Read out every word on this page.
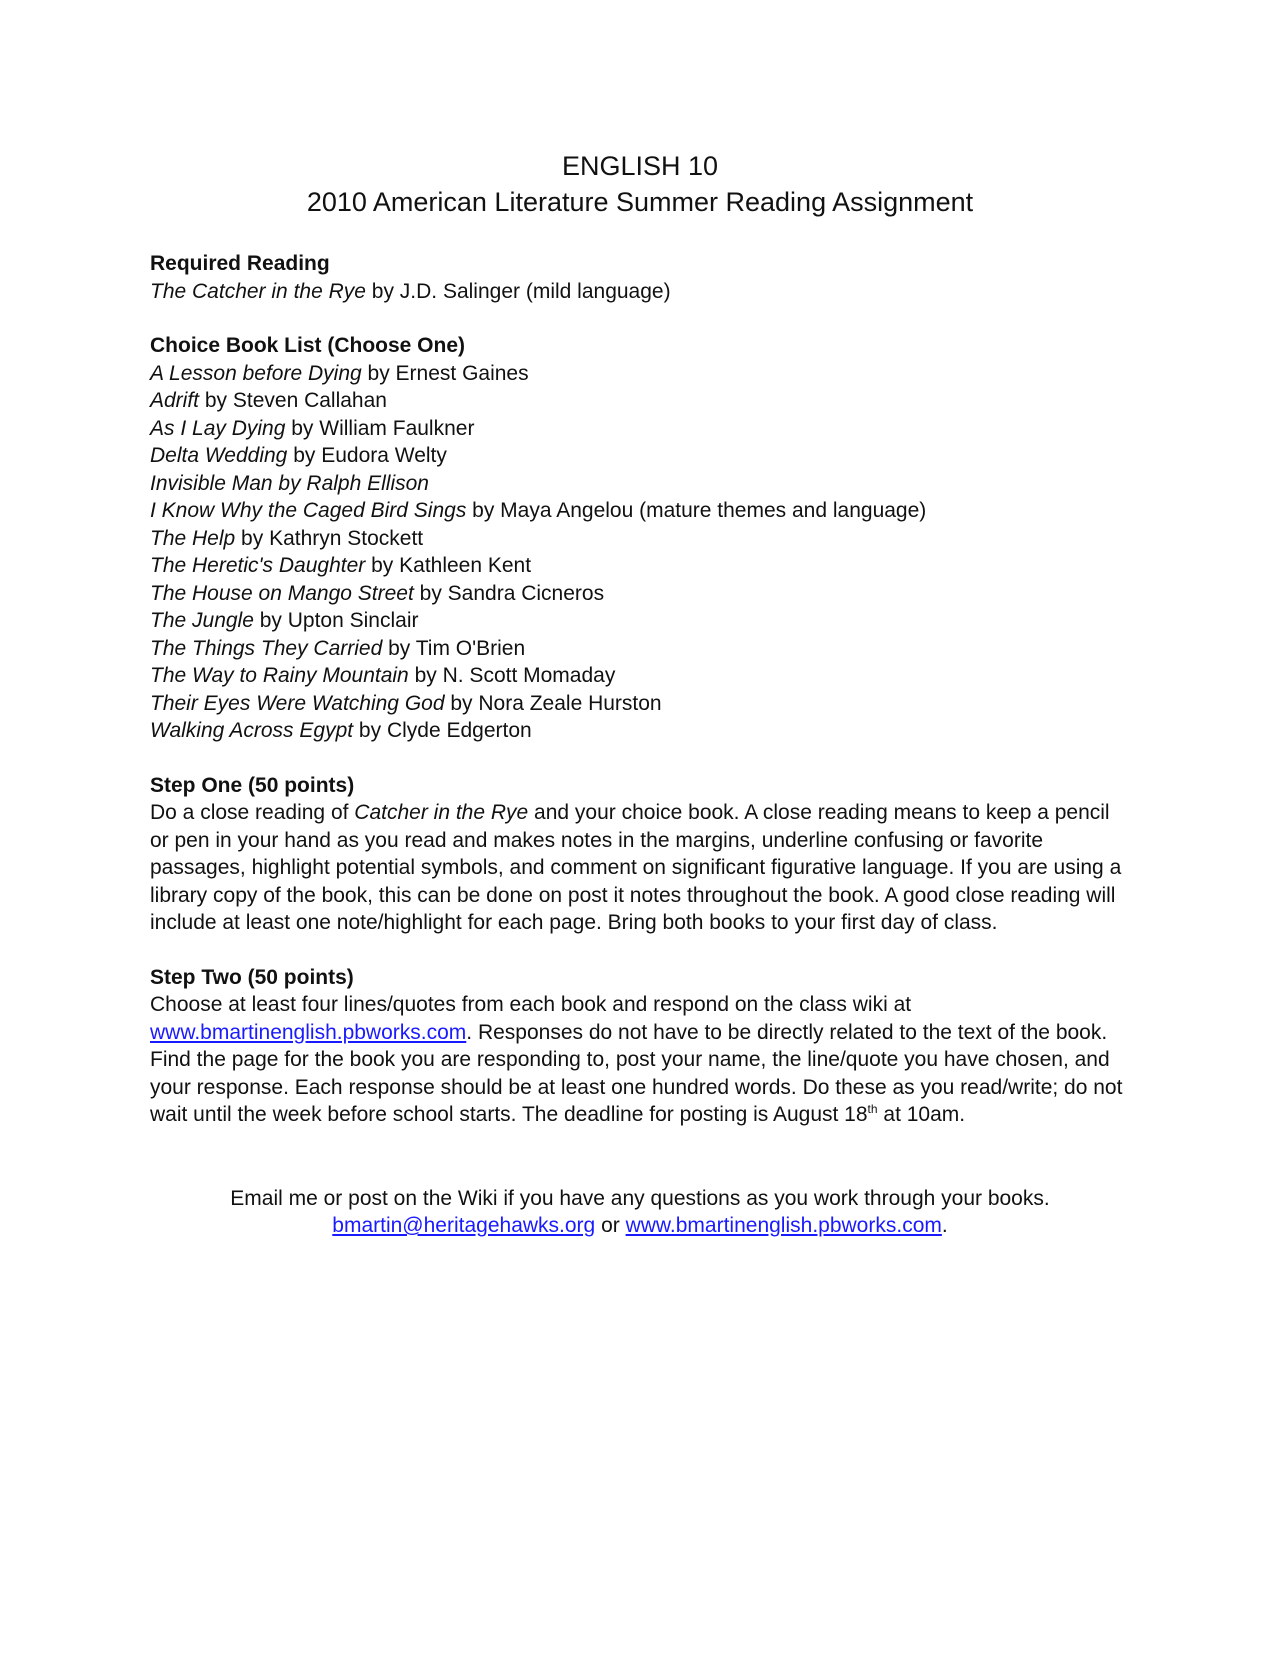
ENGLISH 10
2010 American Literature Summer Reading Assignment
Required Reading
The Catcher in the Rye by J.D. Salinger (mild language)
Choice Book List (Choose One)
A Lesson before Dying by Ernest Gaines
Adrift by Steven Callahan
As I Lay Dying by William Faulkner
Delta Wedding by Eudora Welty
Invisible Man by Ralph Ellison
I Know Why the Caged Bird Sings by Maya Angelou (mature themes and language)
The Help by Kathryn Stockett
The Heretic's Daughter by Kathleen Kent
The House on Mango Street by Sandra Cicneros
The Jungle by Upton Sinclair
The Things They Carried by Tim O'Brien
The Way to Rainy Mountain by N. Scott Momaday
Their Eyes Were Watching God by Nora Zeale Hurston
Walking Across Egypt by Clyde Edgerton
Step One (50 points)
Do a close reading of Catcher in the Rye and your choice book. A close reading means to keep a pencil or pen in your hand as you read and makes notes in the margins, underline confusing or favorite passages, highlight potential symbols, and comment on significant figurative language. If you are using a library copy of the book, this can be done on post it notes throughout the book. A good close reading will include at least one note/highlight for each page. Bring both books to your first day of class.
Step Two (50 points)
Choose at least four lines/quotes from each book and respond on the class wiki at www.bmartinenglish.pbworks.com. Responses do not have to be directly related to the text of the book. Find the page for the book you are responding to, post your name, the line/quote you have chosen, and your response. Each response should be at least one hundred words. Do these as you read/write; do not wait until the week before school starts. The deadline for posting is August 18th at 10am.
Email me or post on the Wiki if you have any questions as you work through your books.
bmartin@heritagehawks.org or www.bmartinenglish.pbworks.com.
